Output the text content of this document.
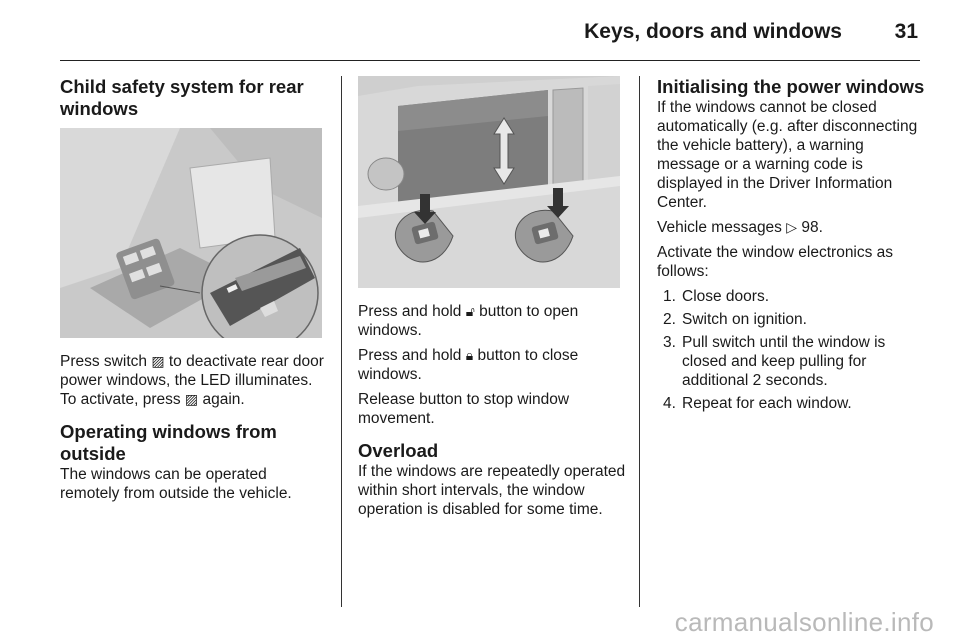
Keys, doors and windows	31
Child safety system for rear windows

Press switch ▨ to deactivate rear door power windows, the LED illuminates. To activate, press ▨ again.

Operating windows from outside

The windows can be operated remotely from outside the vehicle.

Press and hold 🔓︎ button to open windows.

Press and hold 🔒︎ button to close windows.

Release button to stop window movement.

Overload

If the windows are repeatedly operated within short intervals, the window operation is disabled for some time.

Initialising the power windows

If the windows cannot be closed automatically (e.g. after disconnecting the vehicle battery), a warning message or a warning code is displayed in the Driver Information Center.

Vehicle messages ▷ 98.

Activate the window electronics as follows:

1. Close doors.
2. Switch on ignition.
3. Pull switch until the window is closed and keep pulling for additional 2 seconds.
4. Repeat for each window.
carmanualsonline.info
